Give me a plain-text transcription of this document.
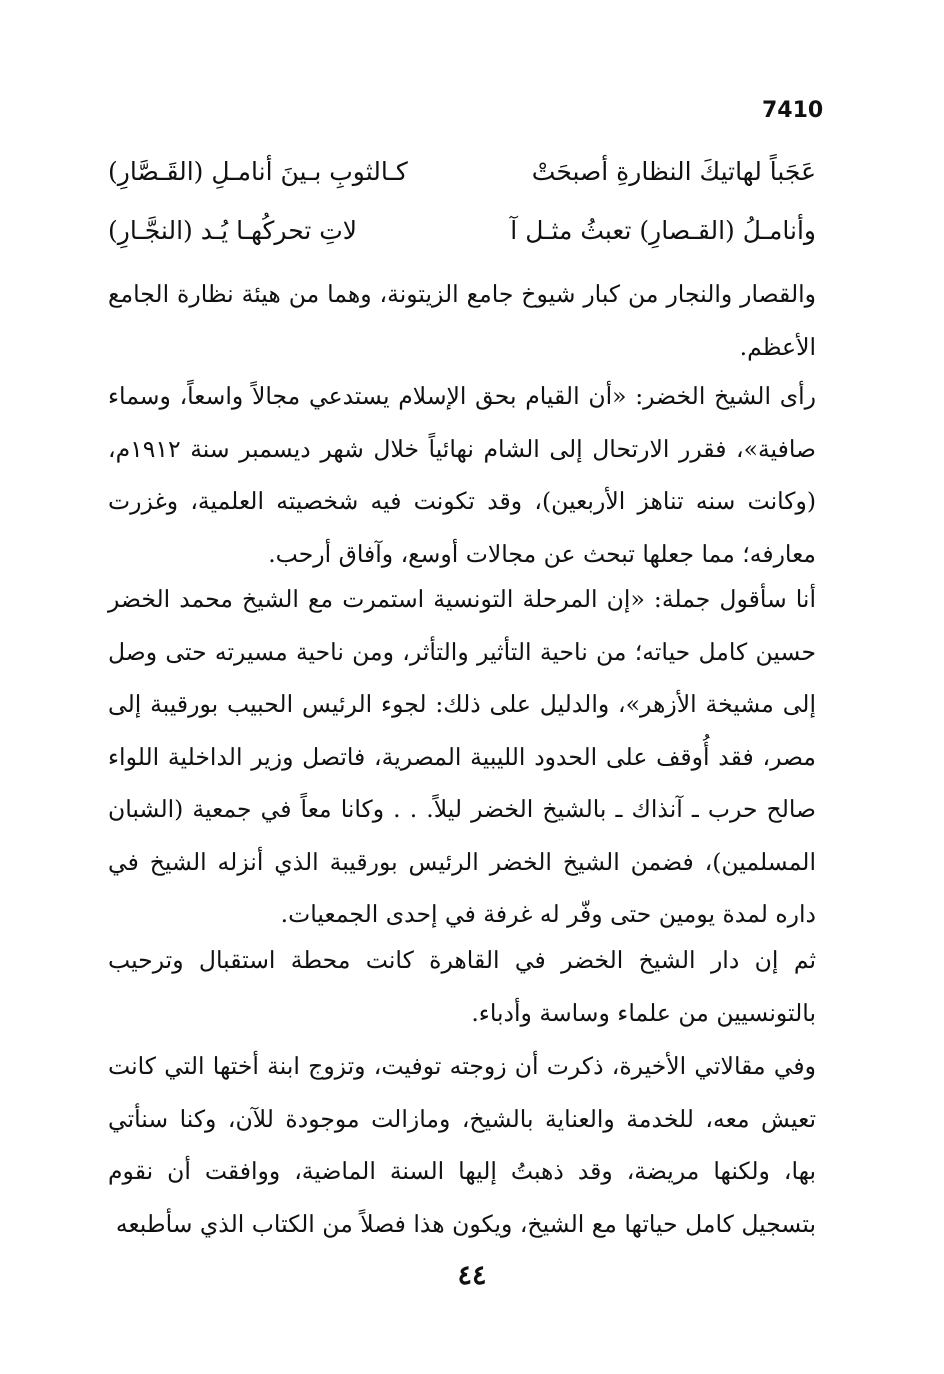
7410
عَجَباً لهاتيكَ النظارةِ أصبحَتْ
كـالثوبِ بـينَ أنامـلِ (القَـصَّارِ)
وأنامـلُ (القـصارِ) تعبثُ مثـل آ
لاتِ تحركُهـا يُـد (النجَّـارِ)

والقصار والنجار من كبار شيوخ جامع الزيتونة، وهما من هيئة نظارة الجامع الأعظم.

رأى الشيخ الخضر: «أن القيام بحق الإسلام يستدعي مجالاً واسعاً، وسماء صافية»، فقرر الارتحال إلى الشام نهائياً خلال شهر ديسمبر سنة ١٩١٢م، (وكانت سنه تناهز الأربعين)، وقد تكونت فيه شخصيته العلمية، وغزرت معارفه؛ مما جعلها تبحث عن مجالات أوسع، وآفاق أرحب.

أنا سأقول جملة: «إن المرحلة التونسية استمرت مع الشيخ محمد الخضر حسين كامل حياته؛ من ناحية التأثير والتأثر، ومن ناحية مسيرته حتى وصل إلى مشيخة الأزهر»، والدليل على ذلك: لجوء الرئيس الحبيب بورقيبة إلى مصر، فقد أُوقف على الحدود الليبية المصرية، فاتصل وزير الداخلية اللواء صالح حرب ـ آنذاك ـ بالشيخ الخضر ليلاً. . . وكانا معاً في جمعية (الشبان المسلمين)، فضمن الشيخ الخضر الرئيس بورقيبة الذي أنزله الشيخ في داره لمدة يومين حتى وفّر له غرفة في إحدى الجمعيات.

ثم إن دار الشيخ الخضر في القاهرة كانت محطة استقبال وترحيب بالتونسيين من علماء وساسة وأدباء.

وفي مقالاتي الأخيرة، ذكرت أن زوجته توفيت، وتزوج ابنة أختها التي كانت تعيش معه، للخدمة والعناية بالشيخ، ومازالت موجودة للآن، وكنا سنأتي بها، ولكنها مريضة، وقد ذهبتُ إليها السنة الماضية، ووافقت أن نقوم بتسجيل كامل حياتها مع الشيخ، ويكون هذا فصلاً من الكتاب الذي سأطبعه

٤٤
